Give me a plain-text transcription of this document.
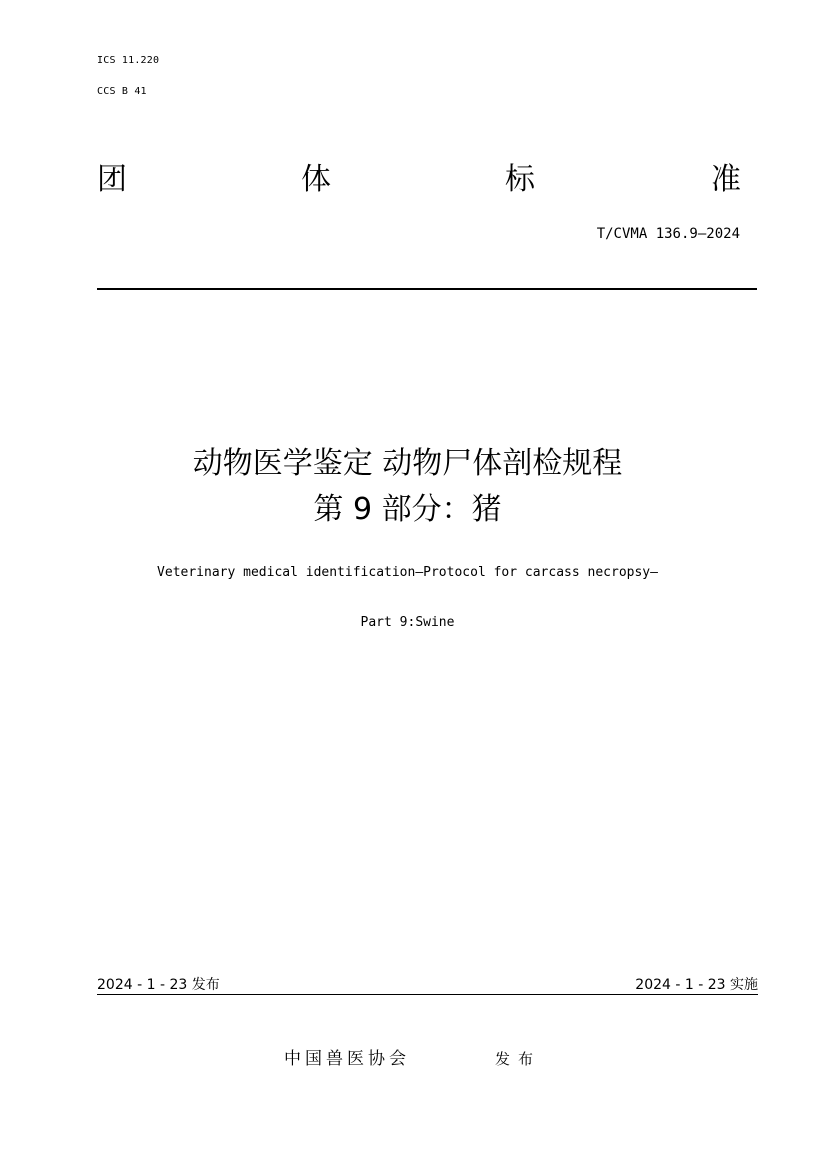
ICS 11.220
CCS B 41
团	体	标	准
T/CVMA 136.9—2024
动物医学鉴定 动物尸体剖检规程
第 9 部分：猪
Veterinary medical identification—Protocol for carcass necropsy—
Part 9:Swine
2024 - 1 - 23 发布	2024 - 1 - 23 实施
中国兽医协会	发布
